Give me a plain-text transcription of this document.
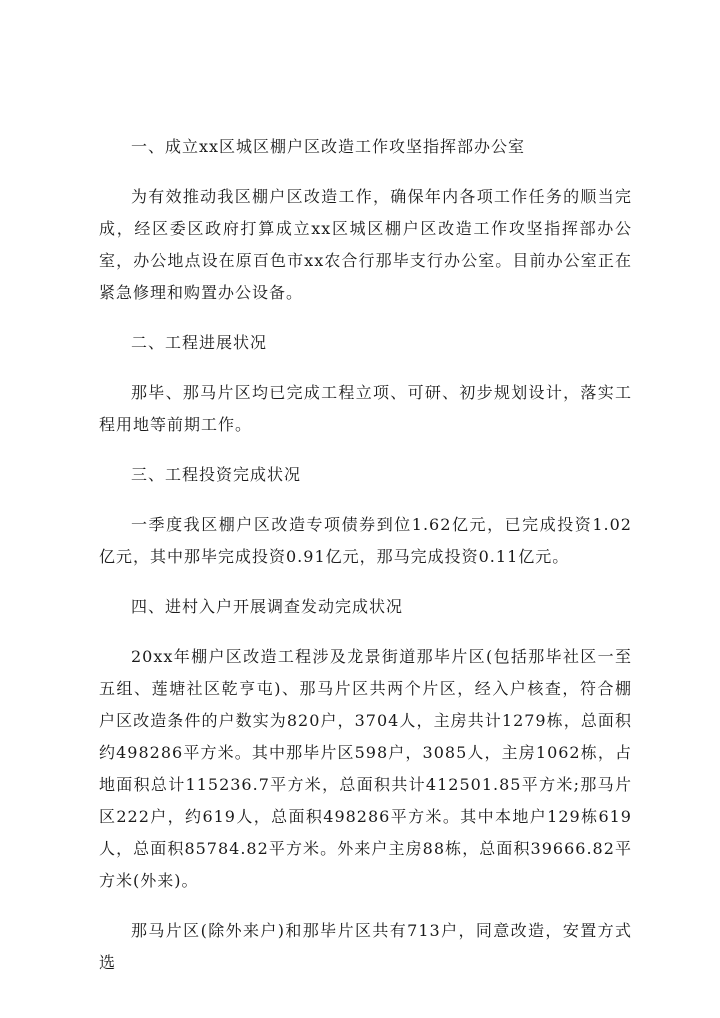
一、成立xx区城区棚户区改造工作攻坚指挥部办公室

为有效推动我区棚户区改造工作，确保年内各项工作任务的顺当完成，经区委区政府打算成立xx区城区棚户区改造工作攻坚指挥部办公室，办公地点设在原百色市xx农合行那毕支行办公室。目前办公室正在紧急修理和购置办公设备。

二、工程进展状况

那毕、那马片区均已完成工程立项、可研、初步规划设计，落实工程用地等前期工作。

三、工程投资完成状况

一季度我区棚户区改造专项债券到位1.62亿元，已完成投资1.02亿元，其中那毕完成投资0.91亿元，那马完成投资0.11亿元。

四、进村入户开展调查发动完成状况

20xx年棚户区改造工程涉及龙景街道那毕片区(包括那毕社区一至五组、莲塘社区乾亨屯)、那马片区共两个片区，经入户核查，符合棚户区改造条件的户数实为820户，3704人，主房共计1279栋，总面积约498286平方米。其中那毕片区598户，3085人，主房1062栋，占地面积总计115236.7平方米，总面积共计412501.85平方米;那马片区222户，约619人，总面积498286平方米。其中本地户129栋619人，总面积85784.82平方米。外来户主房88栋，总面积39666.82平方米(外来)。

那马片区(除外来户)和那毕片区共有713户，同意改造，安置方式选
